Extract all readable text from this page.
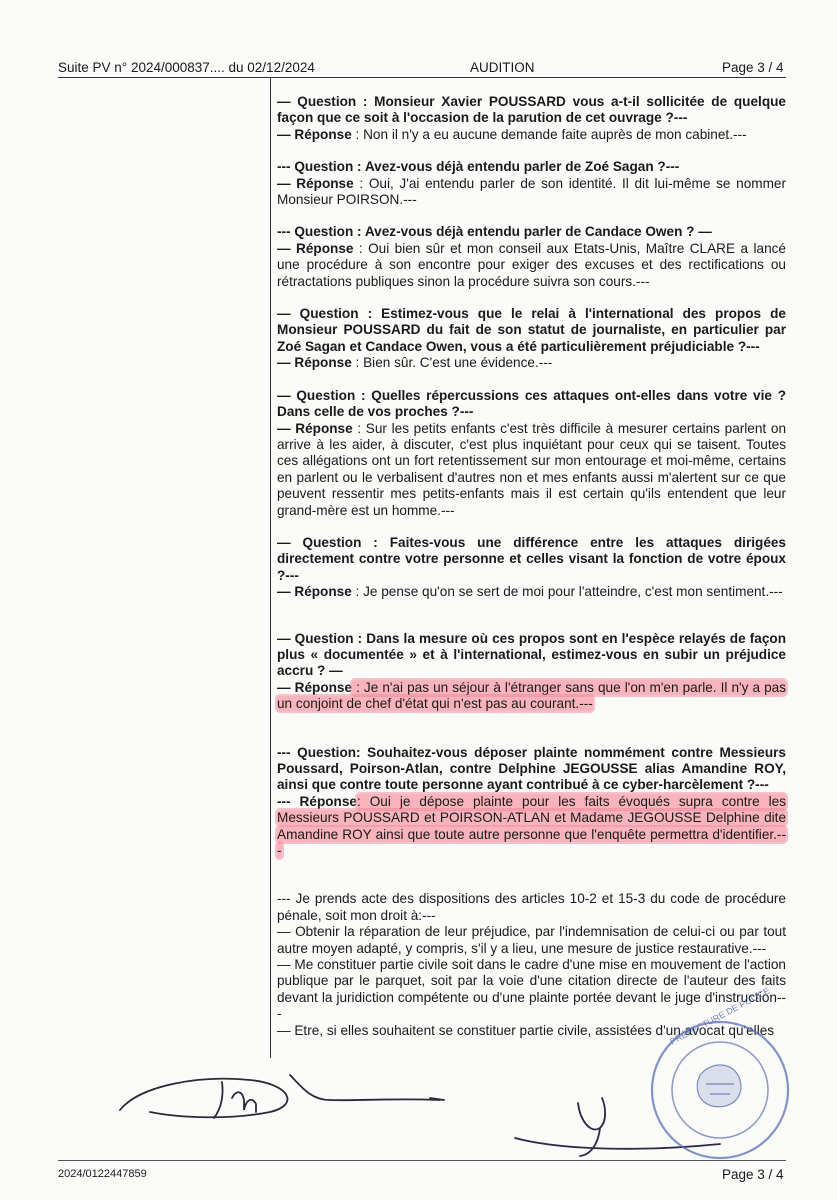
Suite PV n° 2024/000837.... du 02/12/2024	AUDITION	Page 3 / 4

— Question : Monsieur Xavier POUSSARD vous a-t-il sollicitée de quelque façon que ce soit à l'occasion de la parution de cet ouvrage ?---

— Réponse : Non il n'y a eu aucune demande faite auprès de mon cabinet.---

--- Question : Avez-vous déjà entendu parler de Zoé Sagan ?---

— Réponse : Oui, J'ai entendu parler de son identité. Il dit lui-même se nommer Monsieur POIRSON.---

--- Question : Avez-vous déjà entendu parler de Candace Owen ? —

— Réponse : Oui bien sûr et mon conseil aux Etats-Unis, Maître CLARE a lancé une procédure à son encontre pour exiger des excuses et des rectifications ou rétractations publiques sinon la procédure suivra son cours.---

— Question : Estimez-vous que le relai à l'international des propos de Monsieur POUSSARD du fait de son statut de journaliste, en particulier par Zoé Sagan et Candace Owen, vous a été particulièrement préjudiciable ?---

— Réponse : Bien sûr. C'est une évidence.---

— Question : Quelles répercussions ces attaques ont-elles dans votre vie ? Dans celle de vos proches ?---

— Réponse : Sur les petits enfants c'est très difficile à mesurer certains parlent on arrive à les aider, à discuter, c'est plus inquiétant pour ceux qui se taisent. Toutes ces allégations ont un fort retentissement sur mon entourage et moi-même, certains en parlent ou le verbalisent d'autres non et mes enfants aussi m'alertent sur ce que peuvent ressentir mes petits-enfants mais il est certain qu'ils entendent que leur grand-mère est un homme.---

— Question : Faites-vous une différence entre les attaques dirigées directement contre votre personne et celles visant la fonction de votre époux ?---

— Réponse : Je pense qu'on se sert de moi pour l'atteindre, c'est mon sentiment.---

— Question : Dans la mesure où ces propos sont en l'espèce relayés de façon plus « documentée » et à l'international, estimez-vous en subir un préjudice accru ? —

— Réponse : Je n'ai pas un séjour à l'étranger sans que l'on m'en parle. Il n'y a pas un conjoint de chef d'état qui n'est pas au courant.---

--- Question: Souhaitez-vous déposer plainte nommément contre Messieurs Poussard, Poirson-Atlan, contre Delphine JEGOUSSE alias Amandine ROY, ainsi que contre toute personne ayant contribué à ce cyber-harcèlement ?---

--- Réponse: Oui je dépose plainte pour les faits évoqués supra contre les Messieurs POUSSARD et POIRSON-ATLAN et Madame JEGOUSSE Delphine dite Amandine ROY ainsi que toute autre personne que l'enquête permettra d'identifier.---

--- Je prends acte des dispositions des articles 10-2 et 15-3 du code de procédure pénale, soit mon droit à:---

— Obtenir la réparation de leur préjudice, par l'indemnisation de celui-ci ou par tout autre moyen adapté, y compris, s'il y a lieu, une mesure de justice restaurative.---

— Me constituer partie civile soit dans le cadre d'une mise en mouvement de l'action publique par le parquet, soit par la voie d'une citation directe de l'auteur des faits devant la juridiction compétente ou d'une plainte portée devant le juge d'instruction---

— Etre, si elles souhaitent se constituer partie civile, assistées d'un avocat qu'elles

PRÉFECTURE DE POLICE
2024/0122447859	Page 3 / 4
